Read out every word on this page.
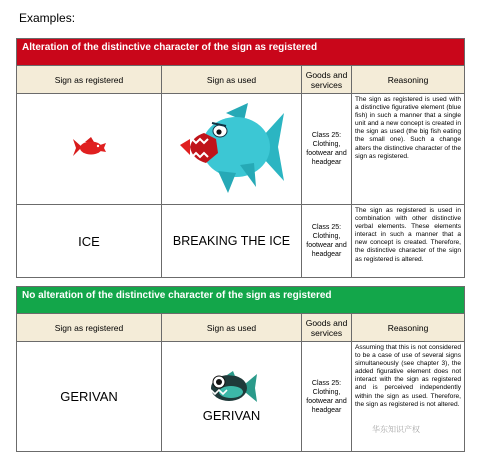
Examples:
Alteration of the distinctive character of the sign as registered			

Sign as registered	Sign as used	Goods and services	Reasoning
		Class 25: Clothing, footwear and headgear	The sign as registered is used with a distinctive figurative element (blue fish) in such a manner that a single unit and a new concept is created in the sign as used (the big fish eating the small one). Such a change alters the distinctive character of the sign as registered.
ICE	BREAKING THE ICE	Class 25: Clothing, footwear and headgear	The sign as registered is used in combination with other distinctive verbal elements. These elements interact in such a manner that a new concept is created. Therefore, the distinctive character of the sign as registered is altered.
No alteration of the distinctive character of the sign as registered			

Sign as registered	Sign as used	Goods and services	Reasoning
GERIVAN	GERIVAN	Class 25: Clothing, footwear and headgear	Assuming that this is not considered to be a case of use of several signs simultaneously (see chapter 3), the added figurative element does not interact with the sign as registered and is perceived independently within the sign as used. Therefore, the sign as registered is not altered.
华东知识产权
